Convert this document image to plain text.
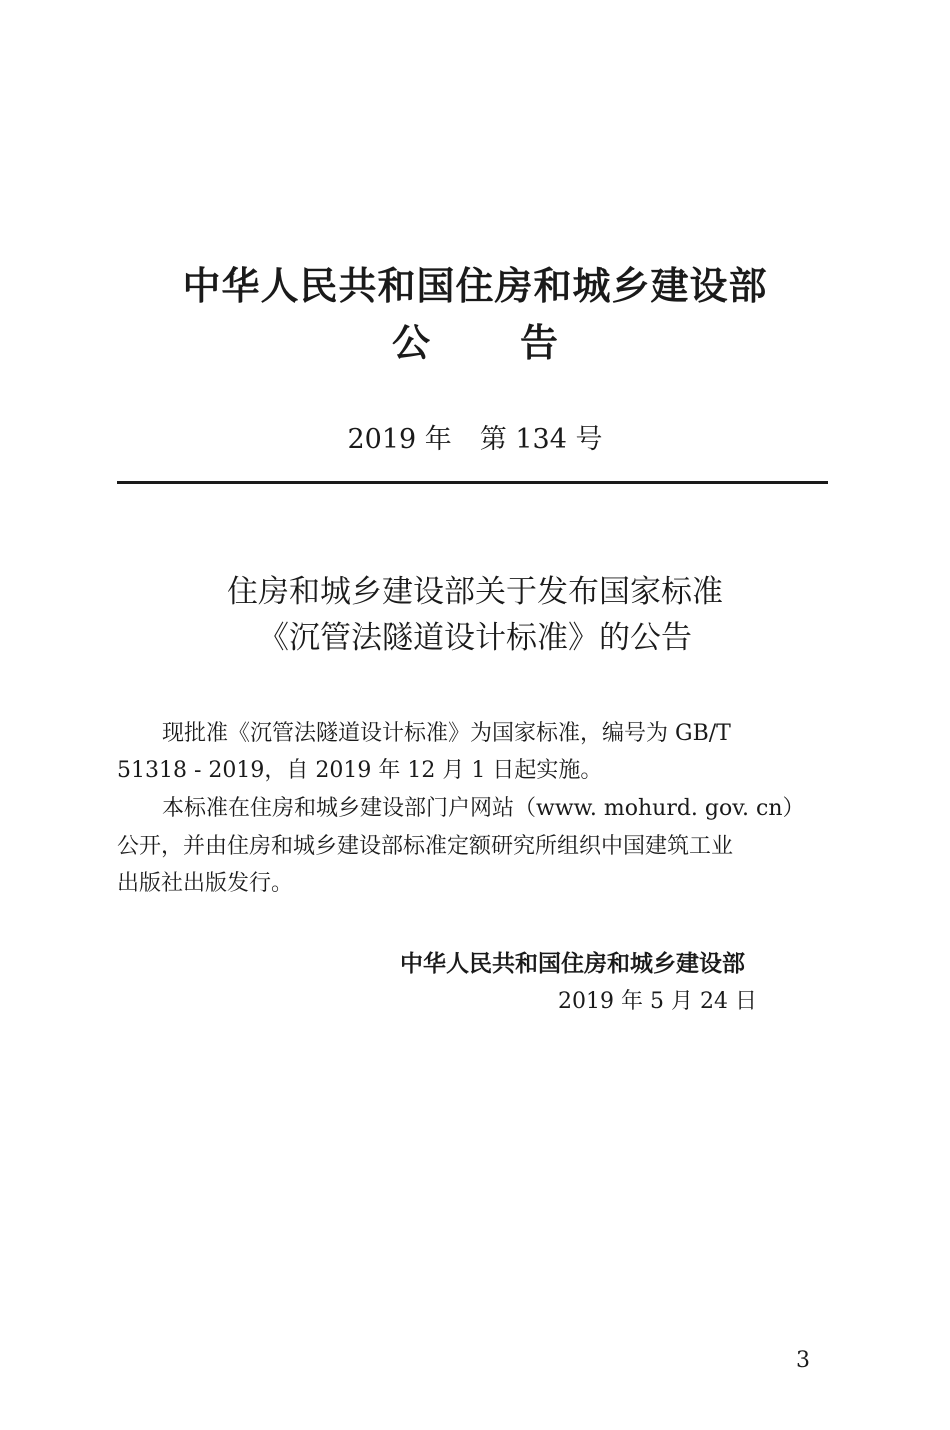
中华人民共和国住房和城乡建设部
公 告
2019 年 第 134 号
住房和城乡建设部关于发布国家标准
《沉管法隧道设计标准》的公告
现批准《沉管法隧道设计标准》为国家标准，编号为 GB/T
51318 - 2019，自 2019 年 12 月 1 日起实施。
本标准在住房和城乡建设部门户网站（www. mohurd. gov. cn）
公开，并由住房和城乡建设部标准定额研究所组织中国建筑工业
出版社出版发行。
中华人民共和国住房和城乡建设部
2019 年 5 月 24 日
3
